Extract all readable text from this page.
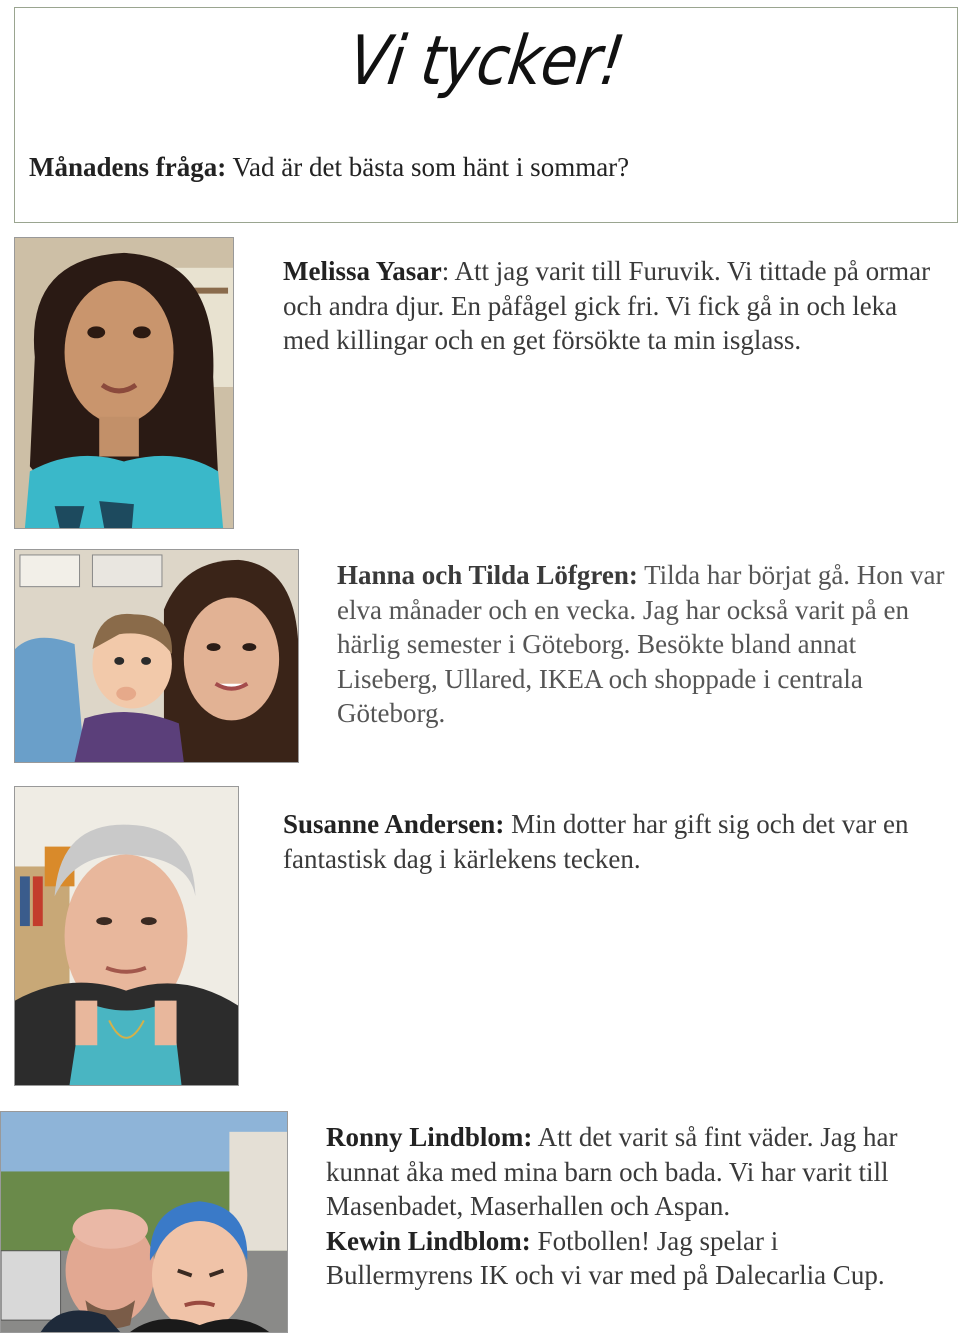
Vi tycker!
Månadens fråga: Vad är det bästa som hänt i sommar?

Melissa Yasar: Att jag varit till Furuvik. Vi tittade på ormar och andra djur. En påfågel gick fri. Vi fick gå in och leka med killingar och en get försökte ta min isglass.

Hanna och Tilda Löfgren: Tilda har börjat gå. Hon var elva månader och en vecka. Jag har också varit på en härlig semester i Göteborg. Besökte bland annat Liseberg, Ullared, IKEA och shoppade i centrala Göteborg.

Susanne Andersen: Min dotter har gift sig och det var en fantastisk dag i kärlekens tecken.

Ronny Lindblom: Att det varit så fint väder. Jag har kunnat åka med mina barn och bada. Vi har varit till Masenbadet, Maserhallen och Aspan.

Kewin Lindblom: Fotbollen! Jag spelar i Bullermyrens IK och vi var med på Dalecarlia Cup.
